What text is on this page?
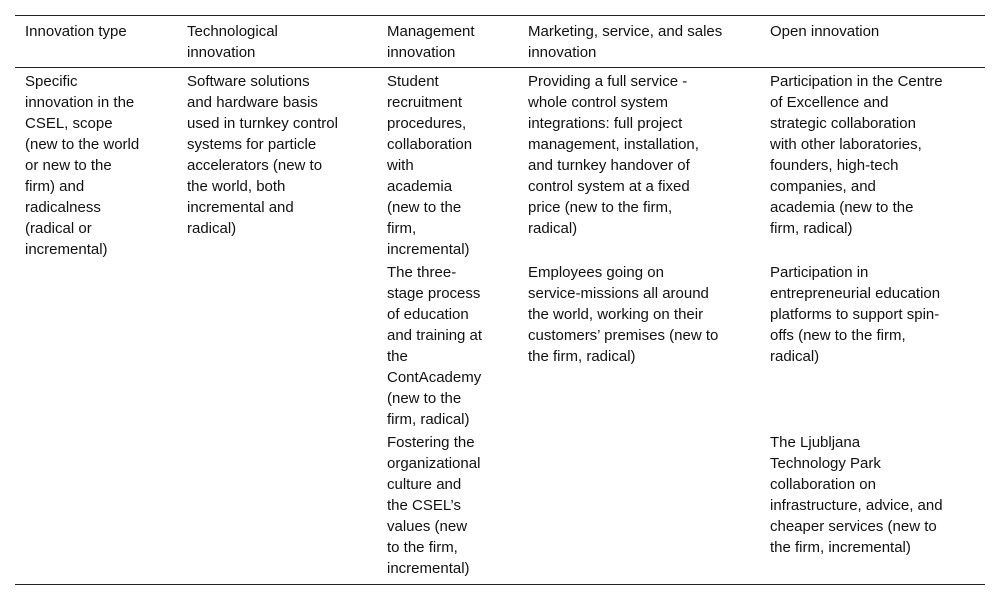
Innovation type	Technological
innovation
Management
innovation
Marketing, service, and sales
innovation
Open innovation
Specific
innovation in the
CSEL, scope
(new to the world
or new to the
firm) and
radicalness
(radical or
incremental)
Software solutions
and hardware basis
used in turnkey control
systems for particle
accelerators (new to
the world, both
incremental and
radical)
Student
recruitment
procedures,
collaboration
with
academia
(new to the
firm,
incremental)
Providing a full service -
whole control system
integrations: full project
management, installation,
and turnkey handover of
control system at a fixed
price (new to the firm,
radical)
Participation in the Centre
of Excellence and
strategic collaboration
with other laboratories,
founders, high-tech
companies, and
academia (new to the
firm, radical)
The three-
stage process
of education
and training at
the
ContAcademy
(new to the
firm, radical)
Employees going on
service-missions all around
the world, working on their
customers’ premises (new to
the firm, radical)
Participation in
entrepreneurial education
platforms to support spin-
offs (new to the firm,
radical)
Fostering the
organizational
culture and
the CSEL’s
values (new
to the firm,
incremental)
The Ljubljana
Technology Park
collaboration on
infrastructure, advice, and
cheaper services (new to
the firm, incremental)
